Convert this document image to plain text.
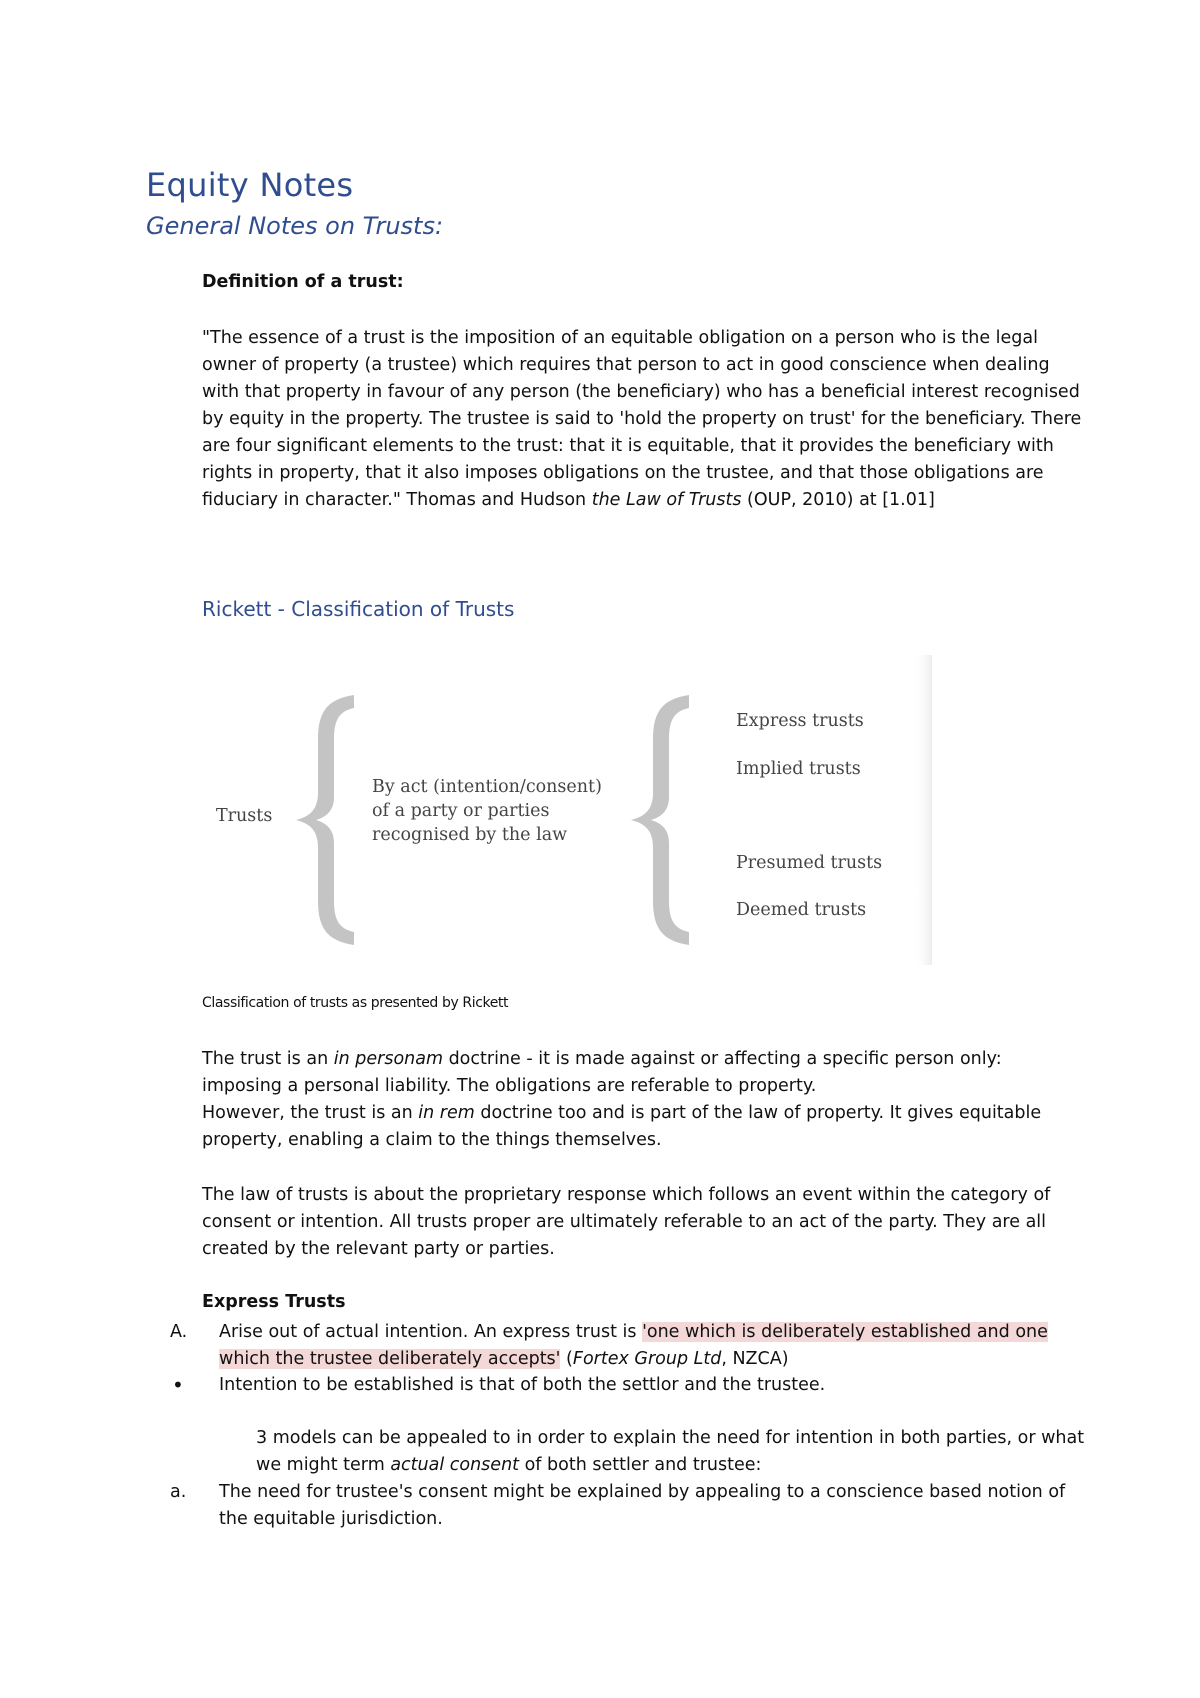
Equity Notes
General Notes on Trusts:
Definition of a trust:
"The essence of a trust is the imposition of an equitable obligation on a person who is the legal owner of property (a trustee) which requires that person to act in good conscience when dealing with that property in favour of any person (the beneficiary) who has a beneficial interest recognised by equity in the property. The trustee is said to 'hold the property on trust' for the beneficiary. There are four significant elements to the trust: that it is equitable, that it provides the beneficiary with rights in property, that it also imposes obligations on the trustee, and that those obligations are fiduciary in character." Thomas and Hudson the Law of Trusts (OUP, 2010) at [1.01]
Rickett - Classification of Trusts
Trusts
By act (intention/consent)
of a party or parties
recognised by the law
Express trusts
Implied trusts
Presumed trusts
Deemed trusts
Classification of trusts as presented by Rickett
The trust is an in personam doctrine - it is made against or affecting a specific person only: imposing a personal liability. The obligations are referable to property.
However, the trust is an in rem doctrine too and is part of the law of property. It gives equitable property, enabling a claim to the things themselves.
The law of trusts is about the proprietary response which follows an event within the category of consent or intention. All trusts proper are ultimately referable to an act of the party. They are all created by the relevant party or parties.
Express Trusts
A. Arise out of actual intention. An express trust is 'one which is deliberately established and one which the trustee deliberately accepts' (Fortex Group Ltd, NZCA)
• Intention to be established is that of both the settlor and the trustee.
3 models can be appealed to in order to explain the need for intention in both parties, or what we might term actual consent of both settler and trustee:
a. The need for trustee's consent might be explained by appealing to a conscience based notion of the equitable jurisdiction.
